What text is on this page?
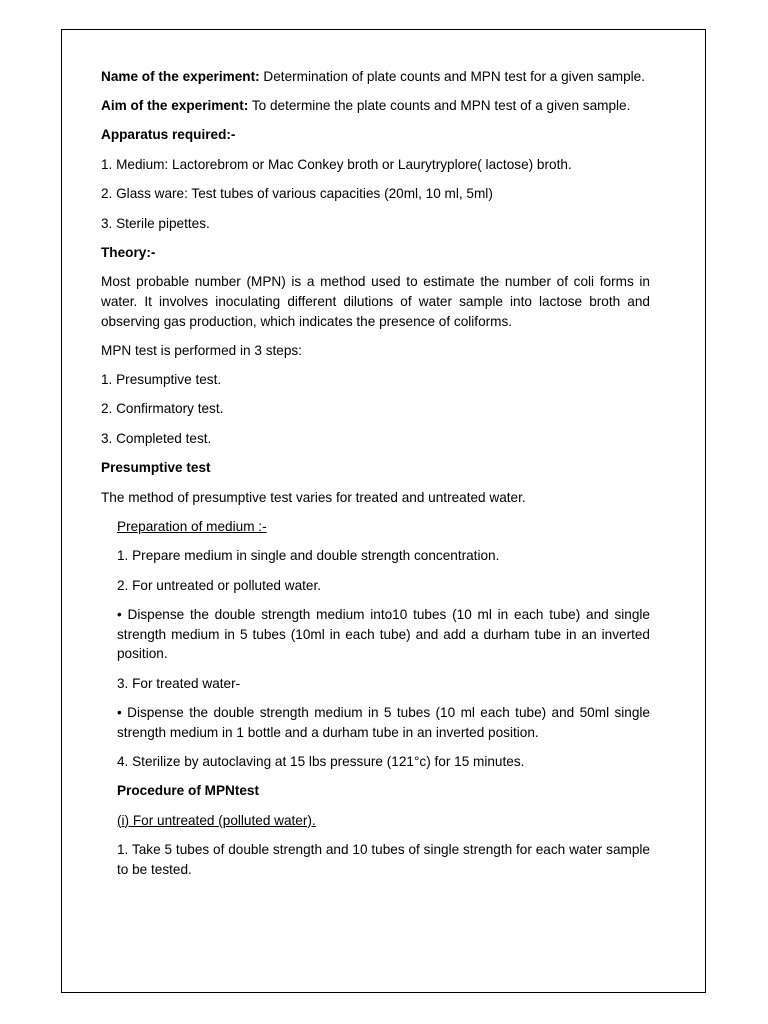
Name of the experiment: Determination of plate counts and MPN test for a given sample.

Aim of the experiment: To determine the plate counts and MPN test of a given sample.

Apparatus required:-

1. Medium: Lactorebrom or Mac Conkey broth or Laurytryplore( lactose) broth.

2. Glass ware: Test tubes of various capacities (20ml, 10 ml, 5ml)

3. Sterile pipettes.

Theory:-

Most probable number (MPN) is a method used to estimate the number of coli forms in water. It involves inoculating different dilutions of water sample into lactose broth and observing gas production, which indicates the presence of coliforms.

MPN test is performed in 3 steps:

1. Presumptive test.

2. Confirmatory test.

3. Completed test.

Presumptive test

The method of presumptive test varies for treated and untreated water.

Preparation of medium :-

1. Prepare medium in single and double strength concentration.

2. For untreated or polluted water.

• Dispense the double strength medium into10 tubes (10 ml in each tube) and single strength medium in 5 tubes (10ml in each tube) and add a durham tube in an inverted position.

3. For treated water-

• Dispense the double strength medium in 5 tubes (10 ml each tube) and 50ml single strength medium in 1 bottle and a durham tube in an inverted position.

4. Sterilize by autoclaving at 15 lbs pressure (121°c) for 15 minutes.

Procedure of MPNtest

(i) For untreated (polluted water).

1. Take 5 tubes of double strength and 10 tubes of single strength for each water sample to be tested.
